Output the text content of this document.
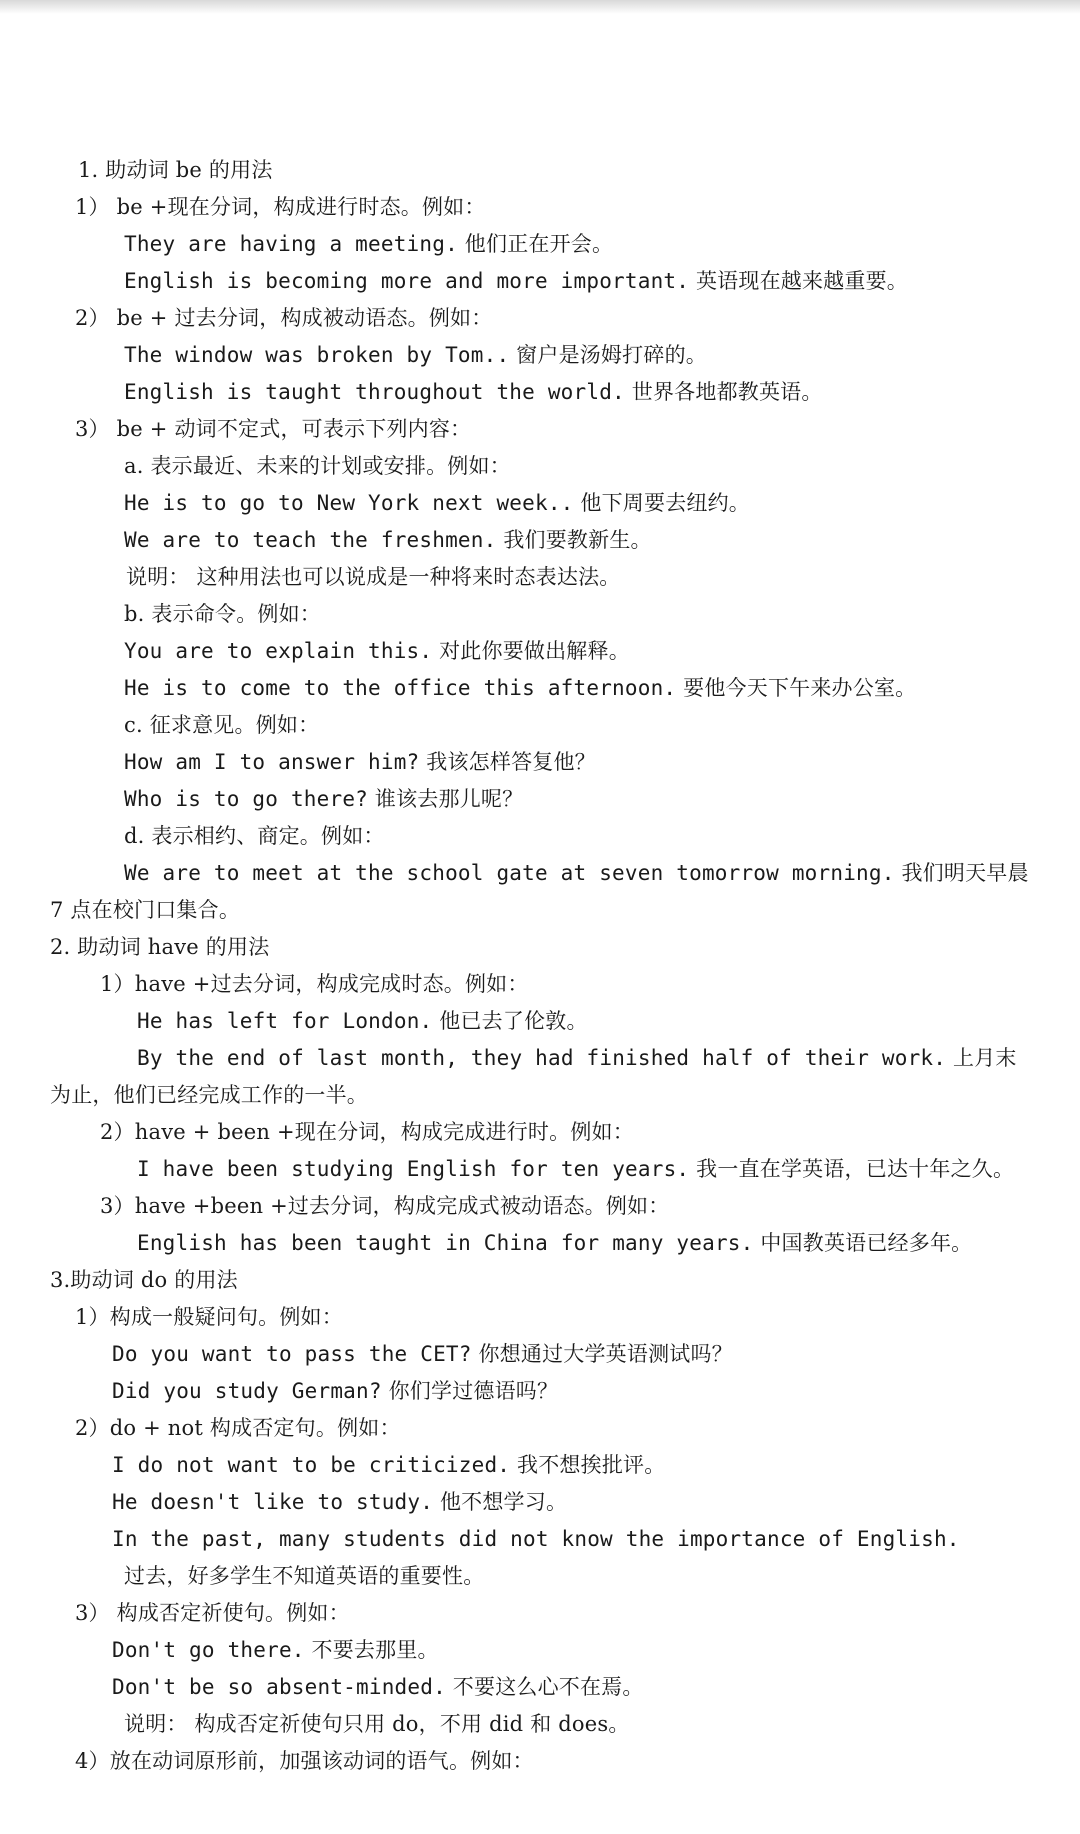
1. 助动词 be 的用法
1） be +现在分词，构成进行时态。例如：
They are having a meeting. 他们正在开会。
English is becoming more and more important. 英语现在越来越重要。
2） be + 过去分词，构成被动语态。例如：
The window was broken by Tom.. 窗户是汤姆打碎的。
English is taught throughout the world. 世界各地都教英语。
3） be + 动词不定式，可表示下列内容：
a. 表示最近、未来的计划或安排。例如：
He is to go to New York next week.. 他下周要去纽约。
We are to teach the freshmen. 我们要教新生。
说明： 这种用法也可以说成是一种将来时态表达法。
b. 表示命令。例如：
You are to explain this. 对此你要做出解释。
He is to come to the office this afternoon. 要他今天下午来办公室。
c. 征求意见。例如：
How am I to answer him? 我该怎样答复他？
Who is to go there? 谁该去那儿呢？
d. 表示相约、商定。例如：
We are to meet at the school gate at seven tomorrow morning. 我们明天早晨
7 点在校门口集合。
2. 助动词 have 的用法
1）have +过去分词，构成完成时态。例如：
He has left for London. 他已去了伦敦。
By the end of last month, they had finished half of their work. 上月末
为止，他们已经完成工作的一半。
2）have + been +现在分词，构成完成进行时。例如：
I have been studying English for ten years. 我一直在学英语，已达十年之久。
3）have +been +过去分词，构成完成式被动语态。例如：
English has been taught in China for many years. 中国教英语已经多年。
3.助动词 do 的用法
1）构成一般疑问句。例如：
Do you want to pass the CET? 你想通过大学英语测试吗？
Did you study German? 你们学过德语吗？
2）do + not 构成否定句。例如：
I do not want to be criticized. 我不想挨批评。
He doesn't like to study. 他不想学习。
In the past, many students did not know the importance of English.
过去，好多学生不知道英语的重要性。
3） 构成否定祈使句。例如：
Don't go there. 不要去那里。
Don't be so absent-minded. 不要这么心不在焉。
说明： 构成否定祈使句只用 do，不用 did 和 does。
4）放在动词原形前，加强该动词的语气。例如：
